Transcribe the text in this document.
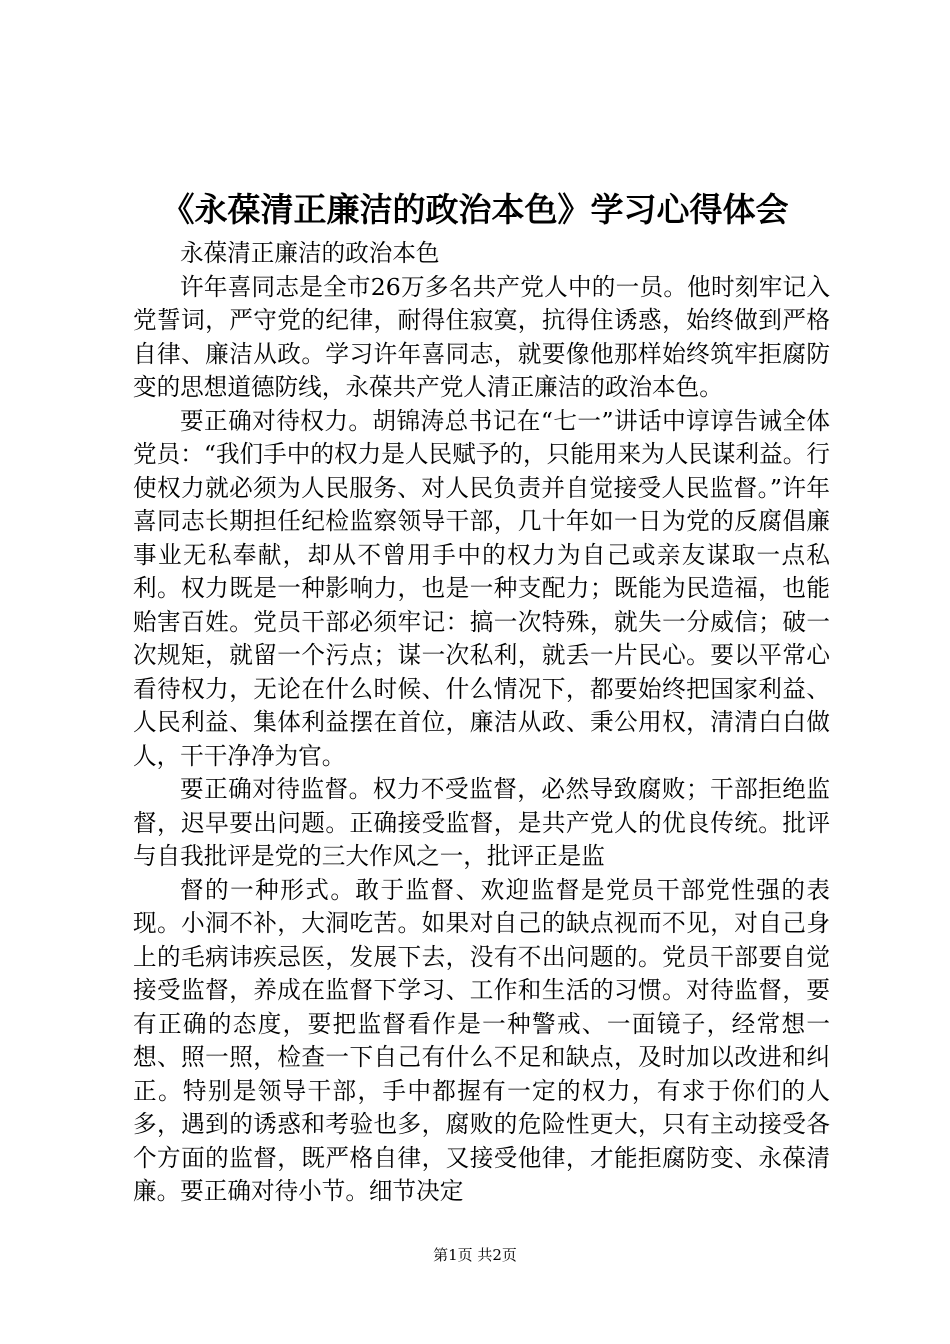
《永葆清正廉洁的政治本色》学习心得体会

永葆清正廉洁的政治本色

许年喜同志是全市26万多名共产党人中的一员。他时刻牢记入党誓词，严守党的纪律，耐得住寂寞，抗得住诱惑，始终做到严格自律、廉洁从政。学习许年喜同志，就要像他那样始终筑牢拒腐防变的思想道德防线，永葆共产党人清正廉洁的政治本色。

要正确对待权力。胡锦涛总书记在“七一”讲话中谆谆告诫全体党员：“我们手中的权力是人民赋予的，只能用来为人民谋利益。行使权力就必须为人民服务、对人民负责并自觉接受人民监督。”许年喜同志长期担任纪检监察领导干部，几十年如一日为党的反腐倡廉事业无私奉献，却从不曾用手中的权力为自己或亲友谋取一点私利。权力既是一种影响力，也是一种支配力；既能为民造福，也能贻害百姓。党员干部必须牢记：搞一次特殊，就失一分威信；破一次规矩，就留一个污点；谋一次私利，就丢一片民心。要以平常心看待权力，无论在什么时候、什么情况下，都要始终把国家利益、人民利益、集体利益摆在首位，廉洁从政、秉公用权，清清白白做人，干干净净为官。

要正确对待监督。权力不受监督，必然导致腐败；干部拒绝监督，迟早要出问题。正确接受监督，是共产党人的优良传统。批评与自我批评是党的三大作风之一，批评正是监

督的一种形式。敢于监督、欢迎监督是党员干部党性强的表现。小洞不补，大洞吃苦。如果对自己的缺点视而不见，对自己身上的毛病讳疾忌医，发展下去，没有不出问题的。党员干部要自觉接受监督，养成在监督下学习、工作和生活的习惯。对待监督，要有正确的态度，要把监督看作是一种警戒、一面镜子，经常想一想、照一照，检查一下自己有什么不足和缺点，及时加以改进和纠正。特别是领导干部，手中都握有一定的权力，有求于你们的人多，遇到的诱惑和考验也多，腐败的危险性更大，只有主动接受各个方面的监督，既严格自律，又接受他律，才能拒腐防变、永葆清廉。要正确对待小节。细节决定

第1页 共2页
